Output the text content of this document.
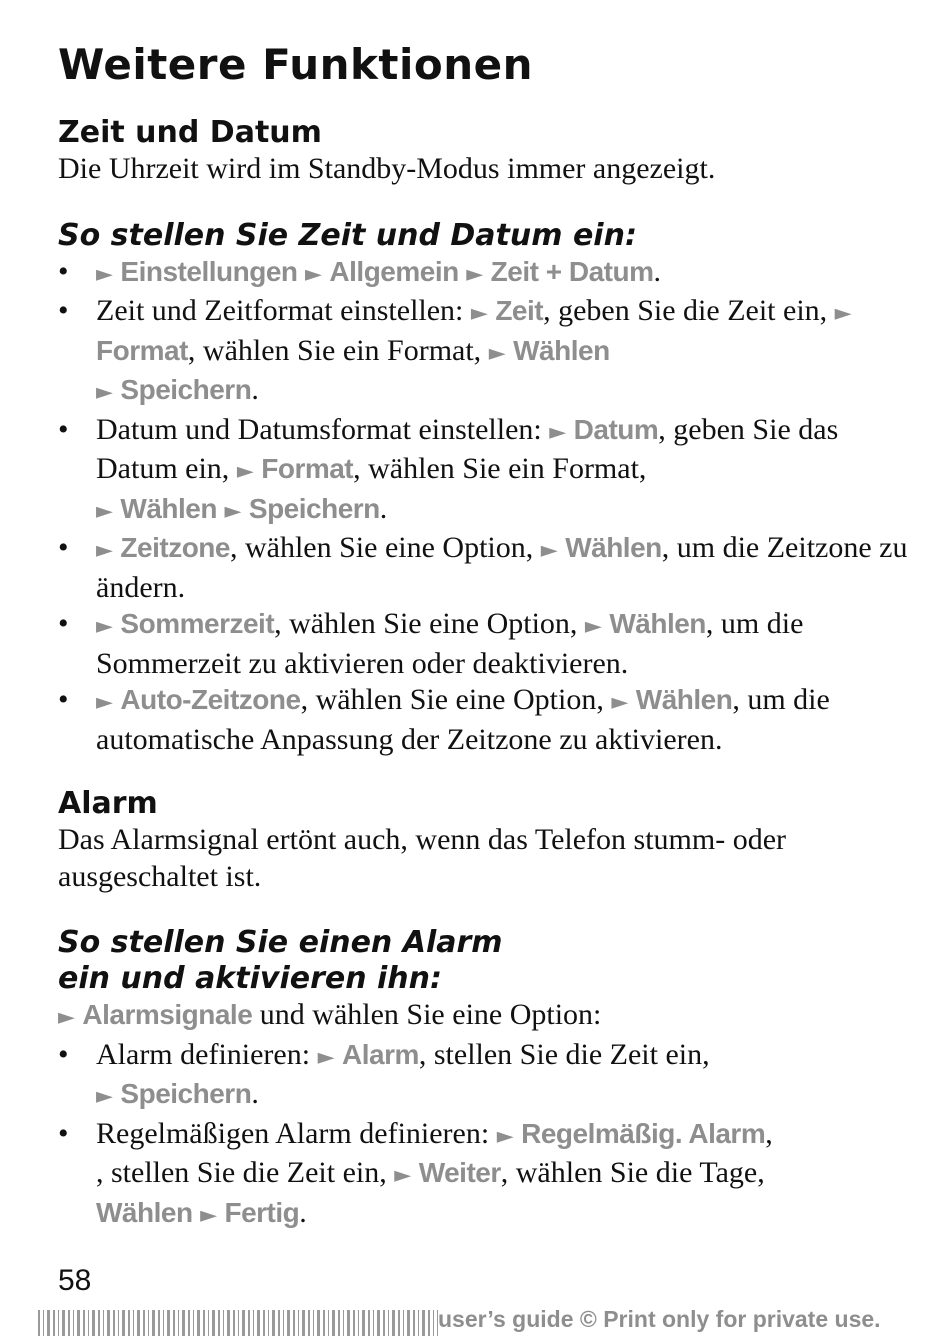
Weitere Funktionen
Zeit und Datum

Die Uhrzeit wird im Standby-Modus immer angezeigt.

So stellen Sie Zeit und Datum ein:
• ► Einstellungen ► Allgemein ► Zeit + Datum.
• Zeit und Zeitformat einstellen: ► Zeit, geben Sie die Zeit ein, ► Format, wählen Sie ein Format, ► Wählen
► Speichern.
• Datum und Datumsformat einstellen: ► Datum, geben Sie das Datum ein, ► Format, wählen Sie ein Format,
► Wählen ► Speichern.
• ► Zeitzone, wählen Sie eine Option, ► Wählen, um die Zeitzone zu ändern.
• ► Sommerzeit, wählen Sie eine Option, ► Wählen, um die Sommerzeit zu aktivieren oder deaktivieren.
• ► Auto-Zeitzone, wählen Sie eine Option, ► Wählen, um die automatische Anpassung der Zeitzone zu aktivieren.
Alarm

Das Alarmsignal ertönt auch, wenn das Telefon stumm- oder ausgeschaltet ist.

So stellen Sie einen Alarm
ein und aktivieren ihn:

► Alarmsignale und wählen Sie eine Option:

• Alarm definieren: ► Alarm, stellen Sie die Zeit ein,
► Speichern.
• Regelmäßigen Alarm definieren: ► Regelmäßig. Alarm,
, stellen Sie die Zeit ein, ► Weiter, wählen Sie die Tage,
Wählen ► Fertig.
58
user’s guide © Print only for private use.
